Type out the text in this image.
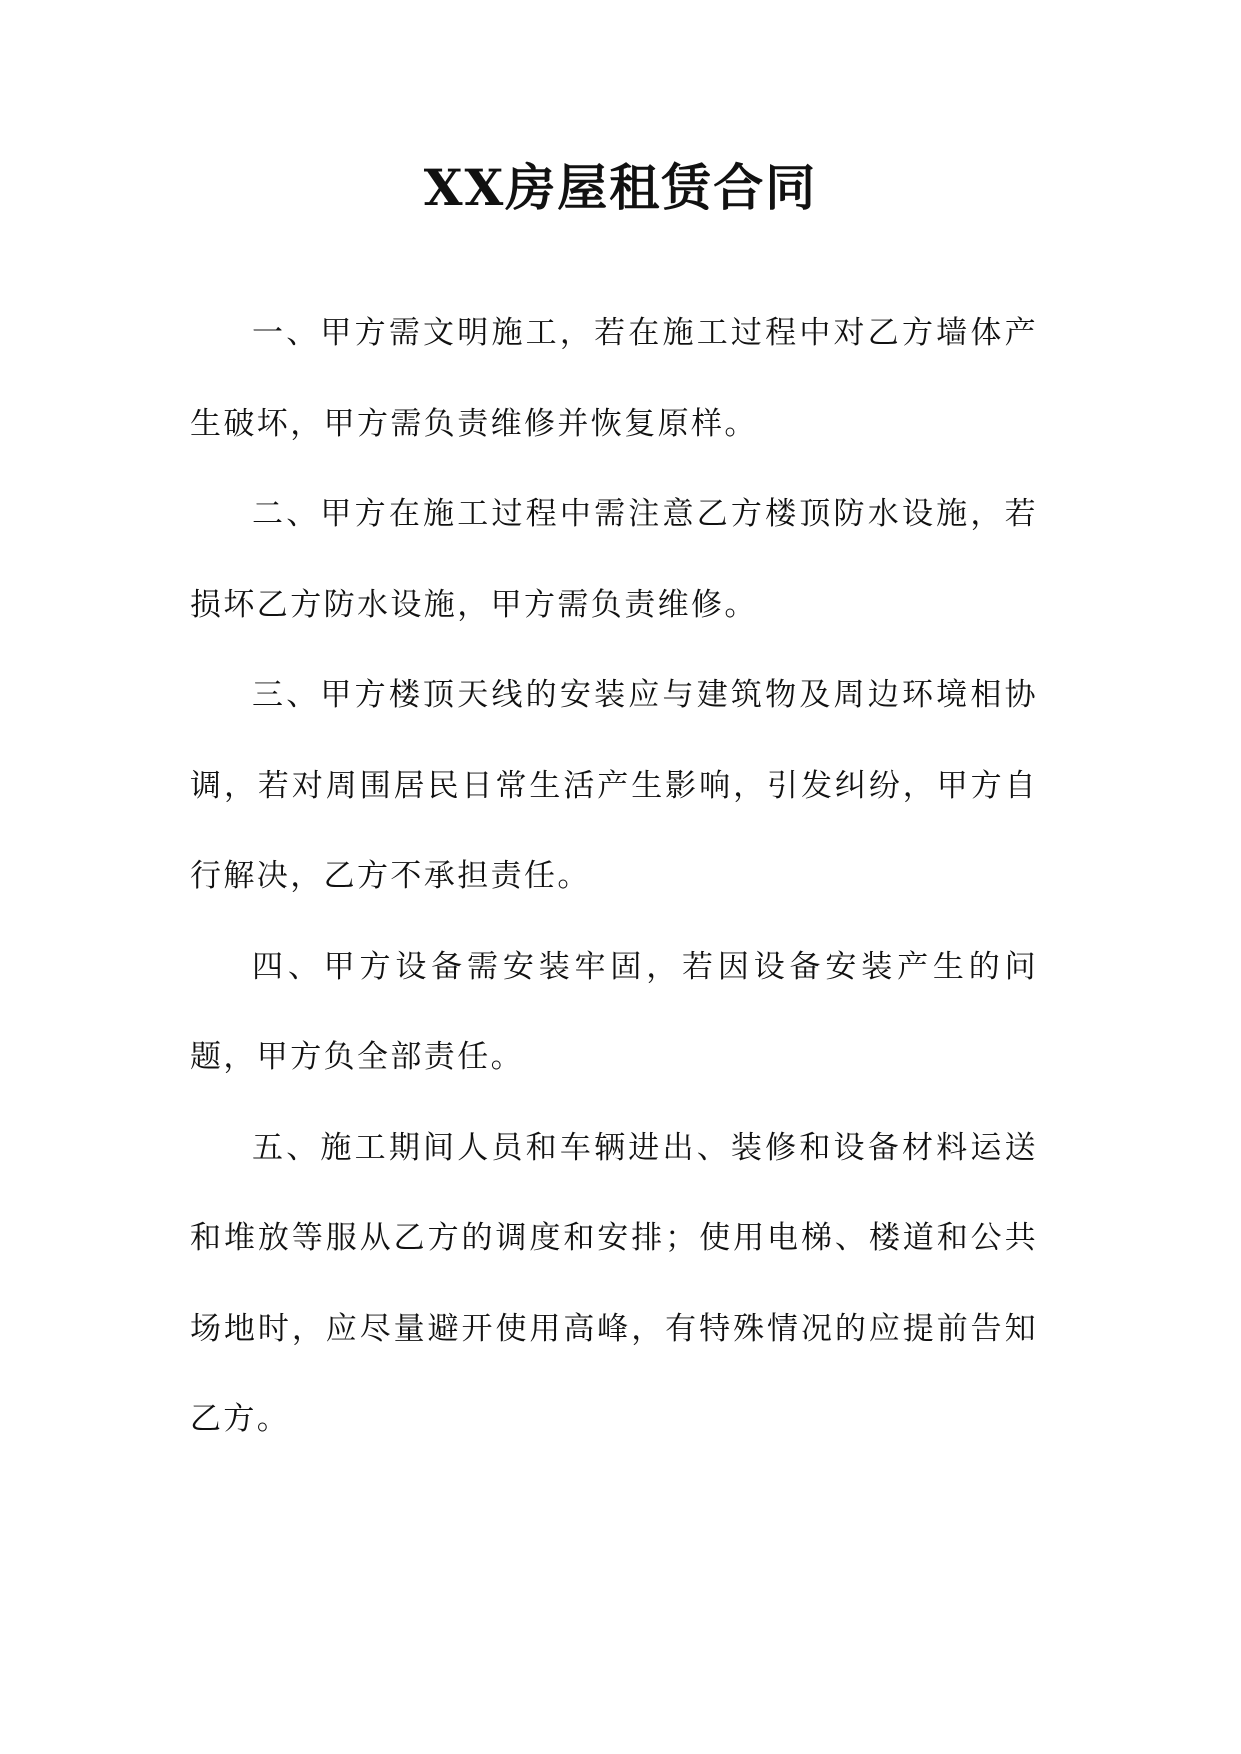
XX房屋租赁合同

一、甲方需文明施工，若在施工过程中对乙方墙体产生破坏，甲方需负责维修并恢复原样。

二、甲方在施工过程中需注意乙方楼顶防水设施，若损坏乙方防水设施，甲方需负责维修。

三、甲方楼顶天线的安装应与建筑物及周边环境相协调，若对周围居民日常生活产生影响，引发纠纷，甲方自行解决，乙方不承担责任。

四、甲方设备需安装牢固，若因设备安装产生的问题，甲方负全部责任。

五、施工期间人员和车辆进出、装修和设备材料运送和堆放等服从乙方的调度和安排；使用电梯、楼道和公共场地时，应尽量避开使用高峰，有特殊情况的应提前告知乙方。
